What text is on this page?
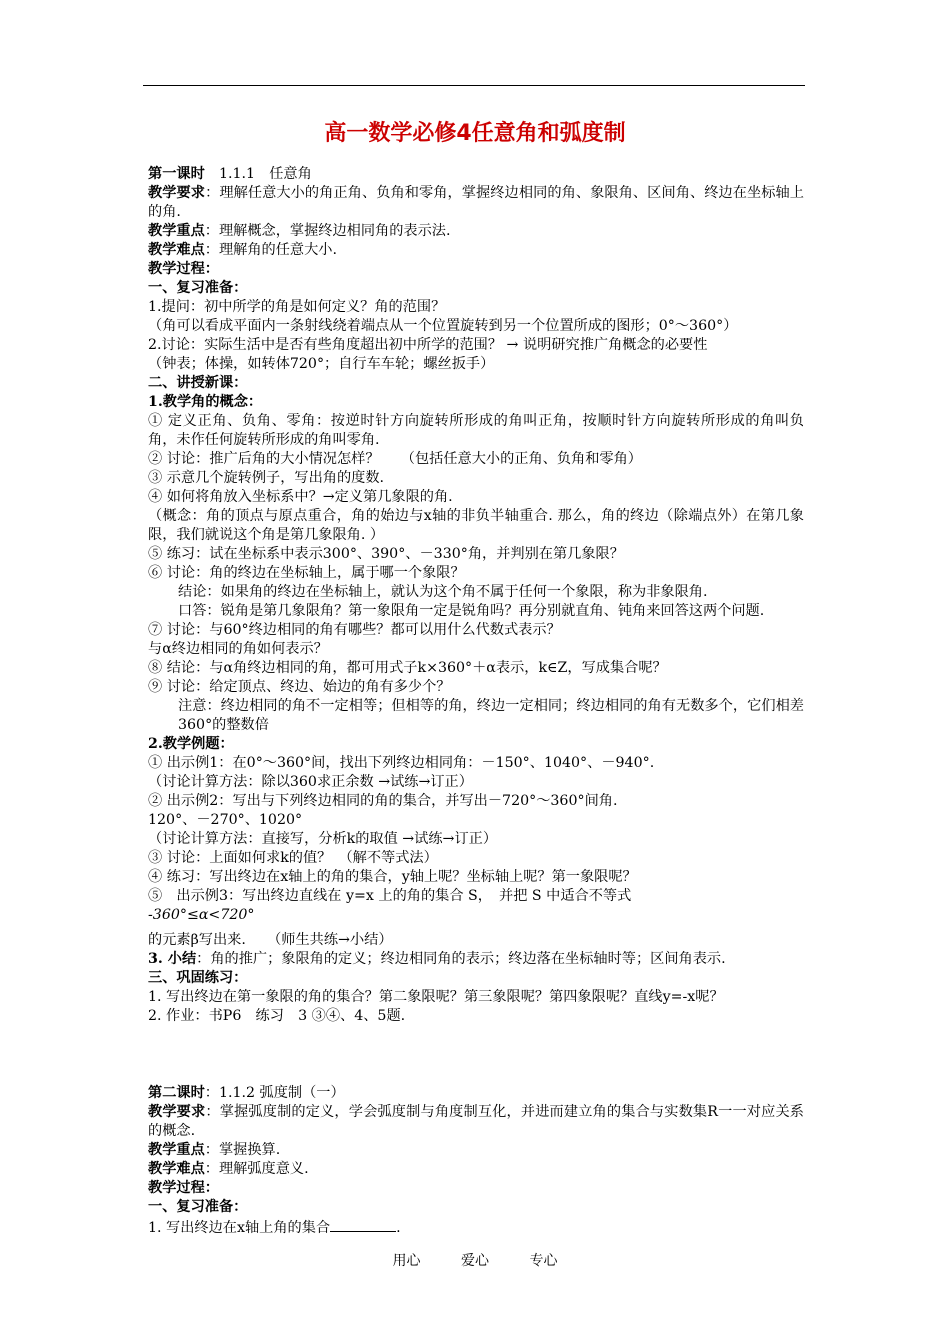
高一数学必修4任意角和弧度制

第一课时　1.1.1　任意角

教学要求：理解任意大小的角正角、负角和零角，掌握终边相同的角、象限角、区间角、终边在坐标轴上的角.

教学重点：理解概念，掌握终边相同角的表示法.

教学难点：理解角的任意大小.

教学过程：

一、复习准备：

1.提问：初中所学的角是如何定义？角的范围？

（角可以看成平面内一条射线绕着端点从一个位置旋转到另一个位置所成的图形；0°～360°）

2.讨论：实际生活中是否有些角度超出初中所学的范围？ → 说明研究推广角概念的必要性

（钟表；体操，如转体720°；自行车车轮；螺丝扳手）

二、讲授新课：

1.教学角的概念：

① 定义正角、负角、零角：按逆时针方向旋转所形成的角叫正角，按顺时针方向旋转所形成的角叫负角，未作任何旋转所形成的角叫零角.

② 讨论：推广后角的大小情况怎样？　　（包括任意大小的正角、负角和零角）

③ 示意几个旋转例子，写出角的度数.

④ 如何将角放入坐标系中？→定义第几象限的角.

（概念：角的顶点与原点重合，角的始边与x轴的非负半轴重合. 那么，角的终边（除端点外）在第几象限，我们就说这个角是第几象限角. ）

⑤ 练习：试在坐标系中表示300°、390°、－330°角，并判别在第几象限？

⑥ 讨论：角的终边在坐标轴上，属于哪一个象限？

结论：如果角的终边在坐标轴上，就认为这个角不属于任何一个象限，称为非象限角.

口答：锐角是第几象限角？第一象限角一定是锐角吗？再分别就直角、钝角来回答这两个问题.

⑦ 讨论：与60°终边相同的角有哪些？都可以用什么代数式表示？

与α终边相同的角如何表示？

⑧ 结论：与α角终边相同的角，都可用式子k×360°＋α表示，k∈Z，写成集合呢？

⑨ 讨论：给定顶点、终边、始边的角有多少个？

注意：终边相同的角不一定相等；但相等的角，终边一定相同；终边相同的角有无数多个，它们相差360°的整数倍

2.教学例题：

① 出示例1：在0°～360°间，找出下列终边相同角：－150°、1040°、－940°.

（讨论计算方法：除以360求正余数 →试练→订正）

② 出示例2：写出与下列终边相同的角的集合，并写出－720°～360°间角.

120°、－270°、1020°

（讨论计算方法：直接写，分析k的取值 →试练→订正）

③ 讨论：上面如何求k的值？　（解不等式法）

④ 练习：写出终边在x轴上的角的集合，y轴上呢？坐标轴上呢？第一象限呢？

⑤　出示例3：写出终边直线在 y=x 上的角的集合 S，　并把 S 中适合不等式

-360°≤α<720°

的元素β写出来.　　（师生共练→小结）

3. 小结：角的推广；象限角的定义；终边相同角的表示；终边落在坐标轴时等；区间角表示.

三、巩固练习：

1. 写出终边在第一象限的角的集合？第二象限呢？第三象限呢？第四象限呢？直线y=-x呢？

2. 作业：书P6　练习　3 ③④、4、5题.

第二课时：1.1.2 弧度制（一）

教学要求：掌握弧度制的定义，学会弧度制与角度制互化，并进而建立角的集合与实数集R一一对应关系的概念.

教学重点：掌握换算.

教学难点：理解弧度意义.

教学过程：

一、复习准备：

1. 写出终边在x轴上角的集合	.

用心	爱心	专心
